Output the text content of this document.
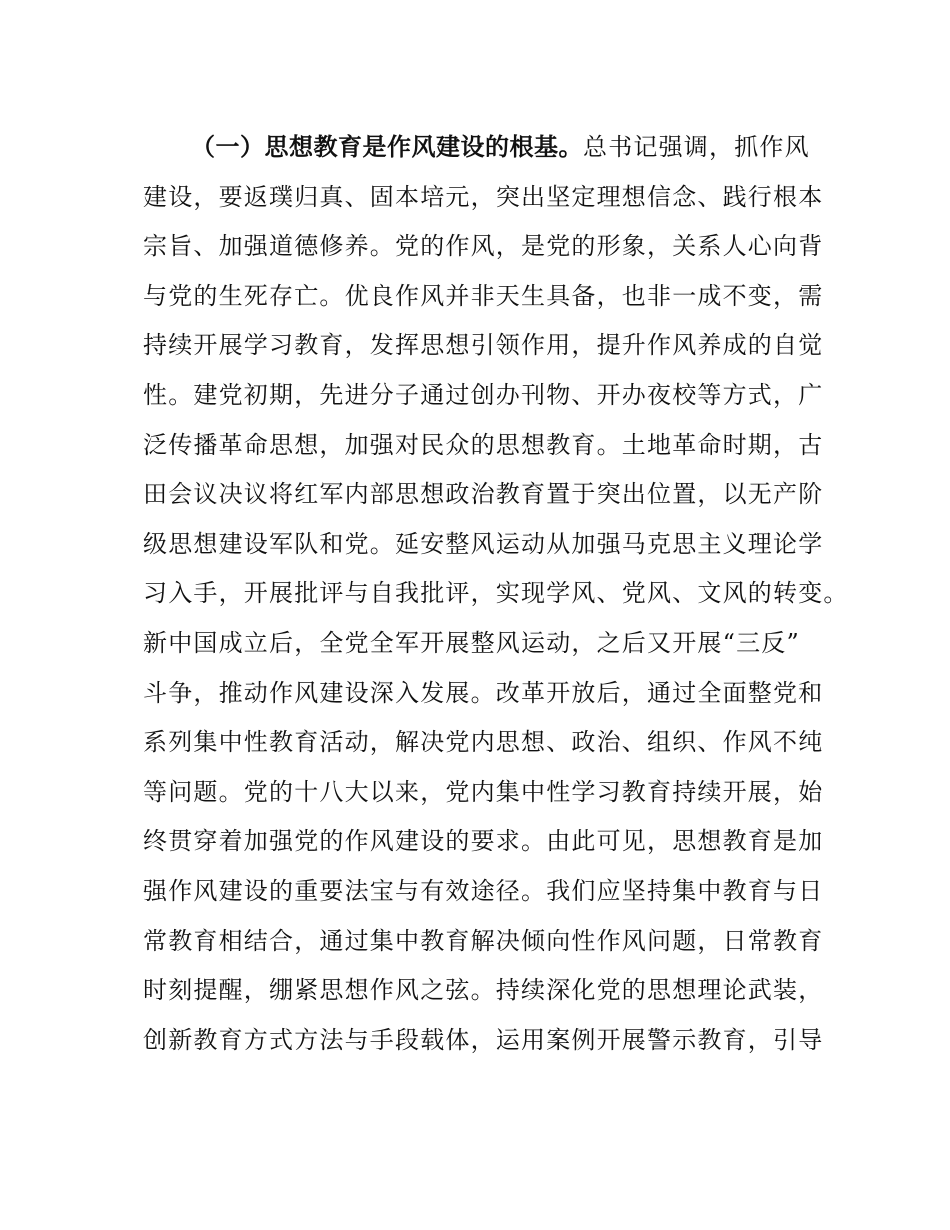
（一）思想教育是作风建设的根基。总书记强调，抓作风
建设，要返璞归真、固本培元，突出坚定理想信念、践行根本
宗旨、加强道德修养。党的作风，是党的形象，关系人心向背
与党的生死存亡。优良作风并非天生具备，也非一成不变，需
持续开展学习教育，发挥思想引领作用，提升作风养成的自觉
性。建党初期，先进分子通过创办刊物、开办夜校等方式，广
泛传播革命思想，加强对民众的思想教育。土地革命时期，古
田会议决议将红军内部思想政治教育置于突出位置，以无产阶
级思想建设军队和党。延安整风运动从加强马克思主义理论学
习入手，开展批评与自我批评，实现学风、党风、文风的转变。
新中国成立后，全党全军开展整风运动，之后又开展“三反”
斗争，推动作风建设深入发展。改革开放后，通过全面整党和
系列集中性教育活动，解决党内思想、政治、组织、作风不纯
等问题。党的十八大以来，党内集中性学习教育持续开展，始
终贯穿着加强党的作风建设的要求。由此可见，思想教育是加
强作风建设的重要法宝与有效途径。我们应坚持集中教育与日
常教育相结合，通过集中教育解决倾向性作风问题，日常教育
时刻提醒，绷紧思想作风之弦。持续深化党的思想理论武装，
创新教育方式方法与手段载体，运用案例开展警示教育，引导
